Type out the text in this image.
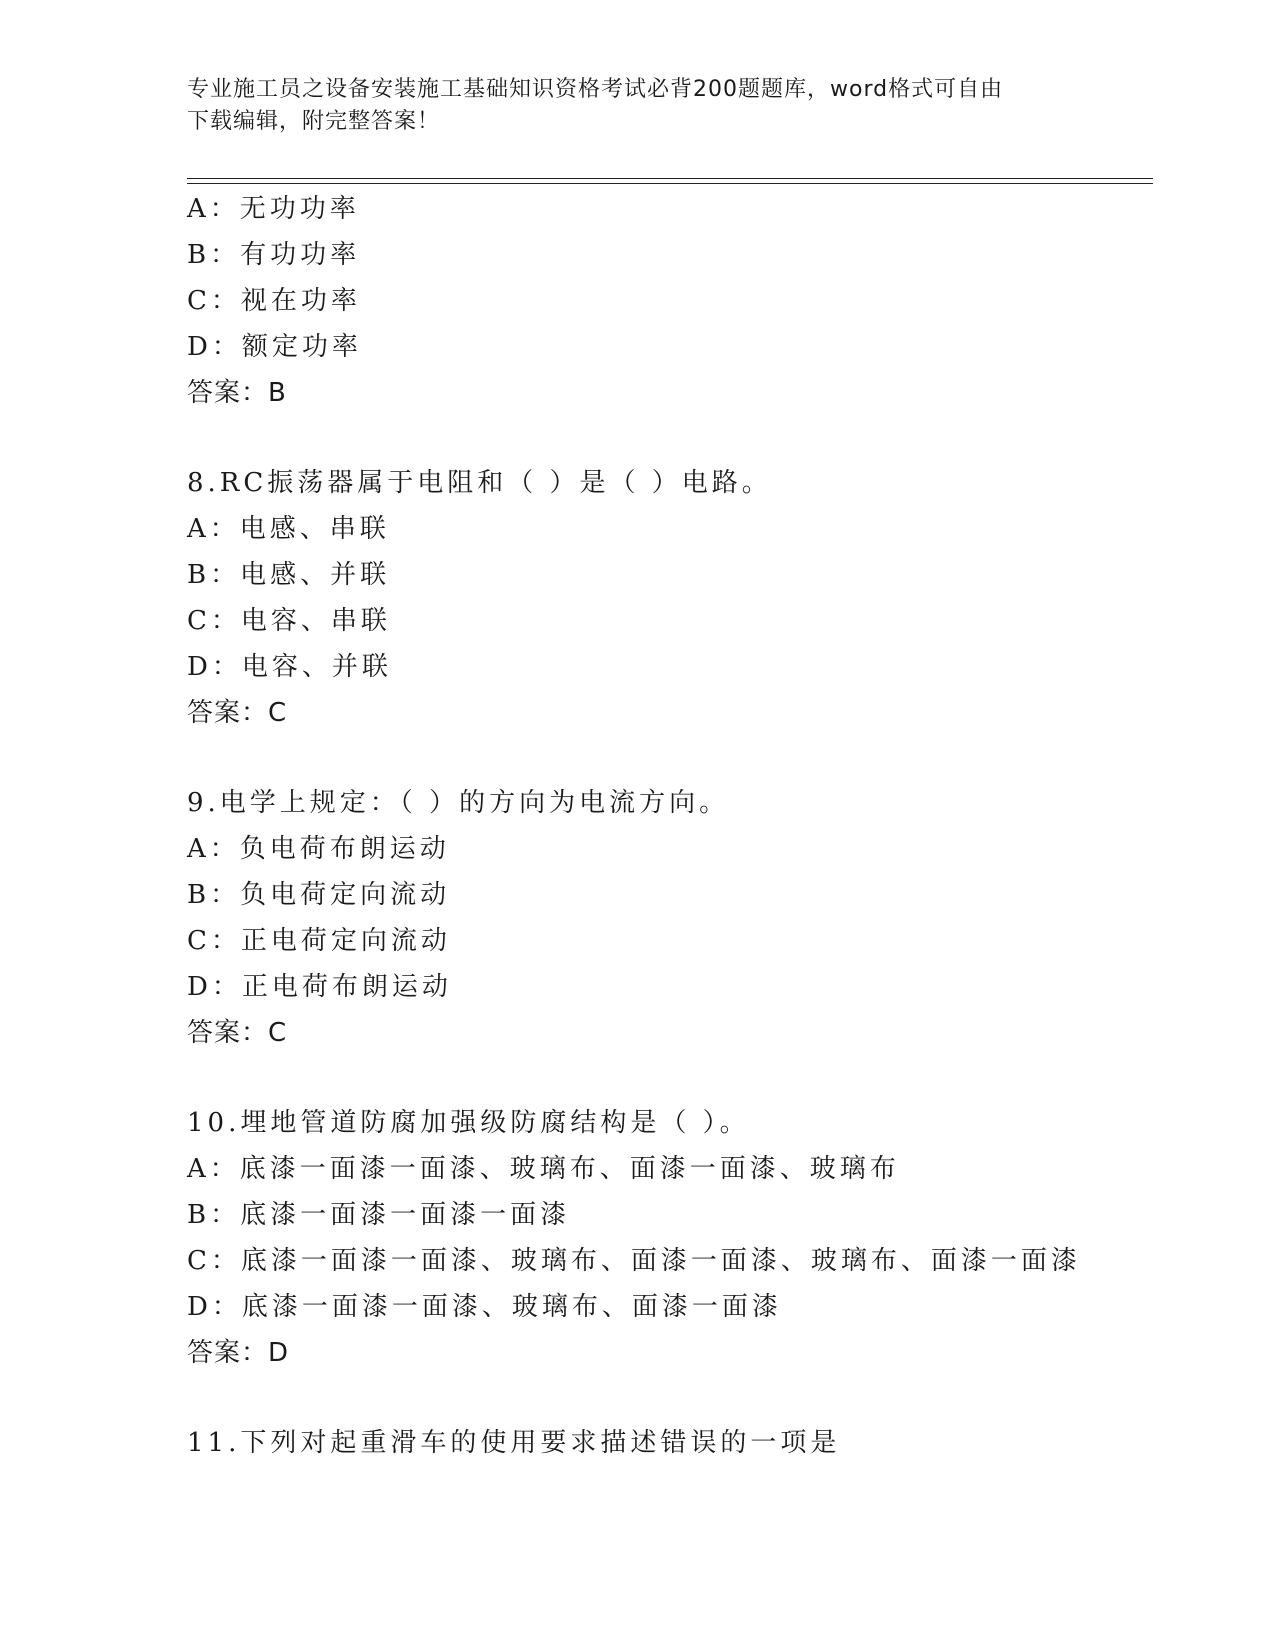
专业施工员之设备安装施工基础知识资格考试必背200题题库，word格式可自由
下载编辑，附完整答案！
A：无功功率
B：有功功率
C：视在功率
D：额定功率
答案：B
8.RC振荡器属于电阻和（ ）是（ ）电路。
A：电感、串联
B：电感、并联
C：电容、串联
D：电容、并联
答案：C
9.电学上规定：（ ）的方向为电流方向。
A：负电荷布朗运动
B：负电荷定向流动
C：正电荷定向流动
D：正电荷布朗运动
答案：C
10.埋地管道防腐加强级防腐结构是（ ）。
A：底漆一面漆一面漆、玻璃布、面漆一面漆、玻璃布
B：底漆一面漆一面漆一面漆
C：底漆一面漆一面漆、玻璃布、面漆一面漆、玻璃布、面漆一面漆
D：底漆一面漆一面漆、玻璃布、面漆一面漆
答案：D
11.下列对起重滑车的使用要求描述错误的一项是
